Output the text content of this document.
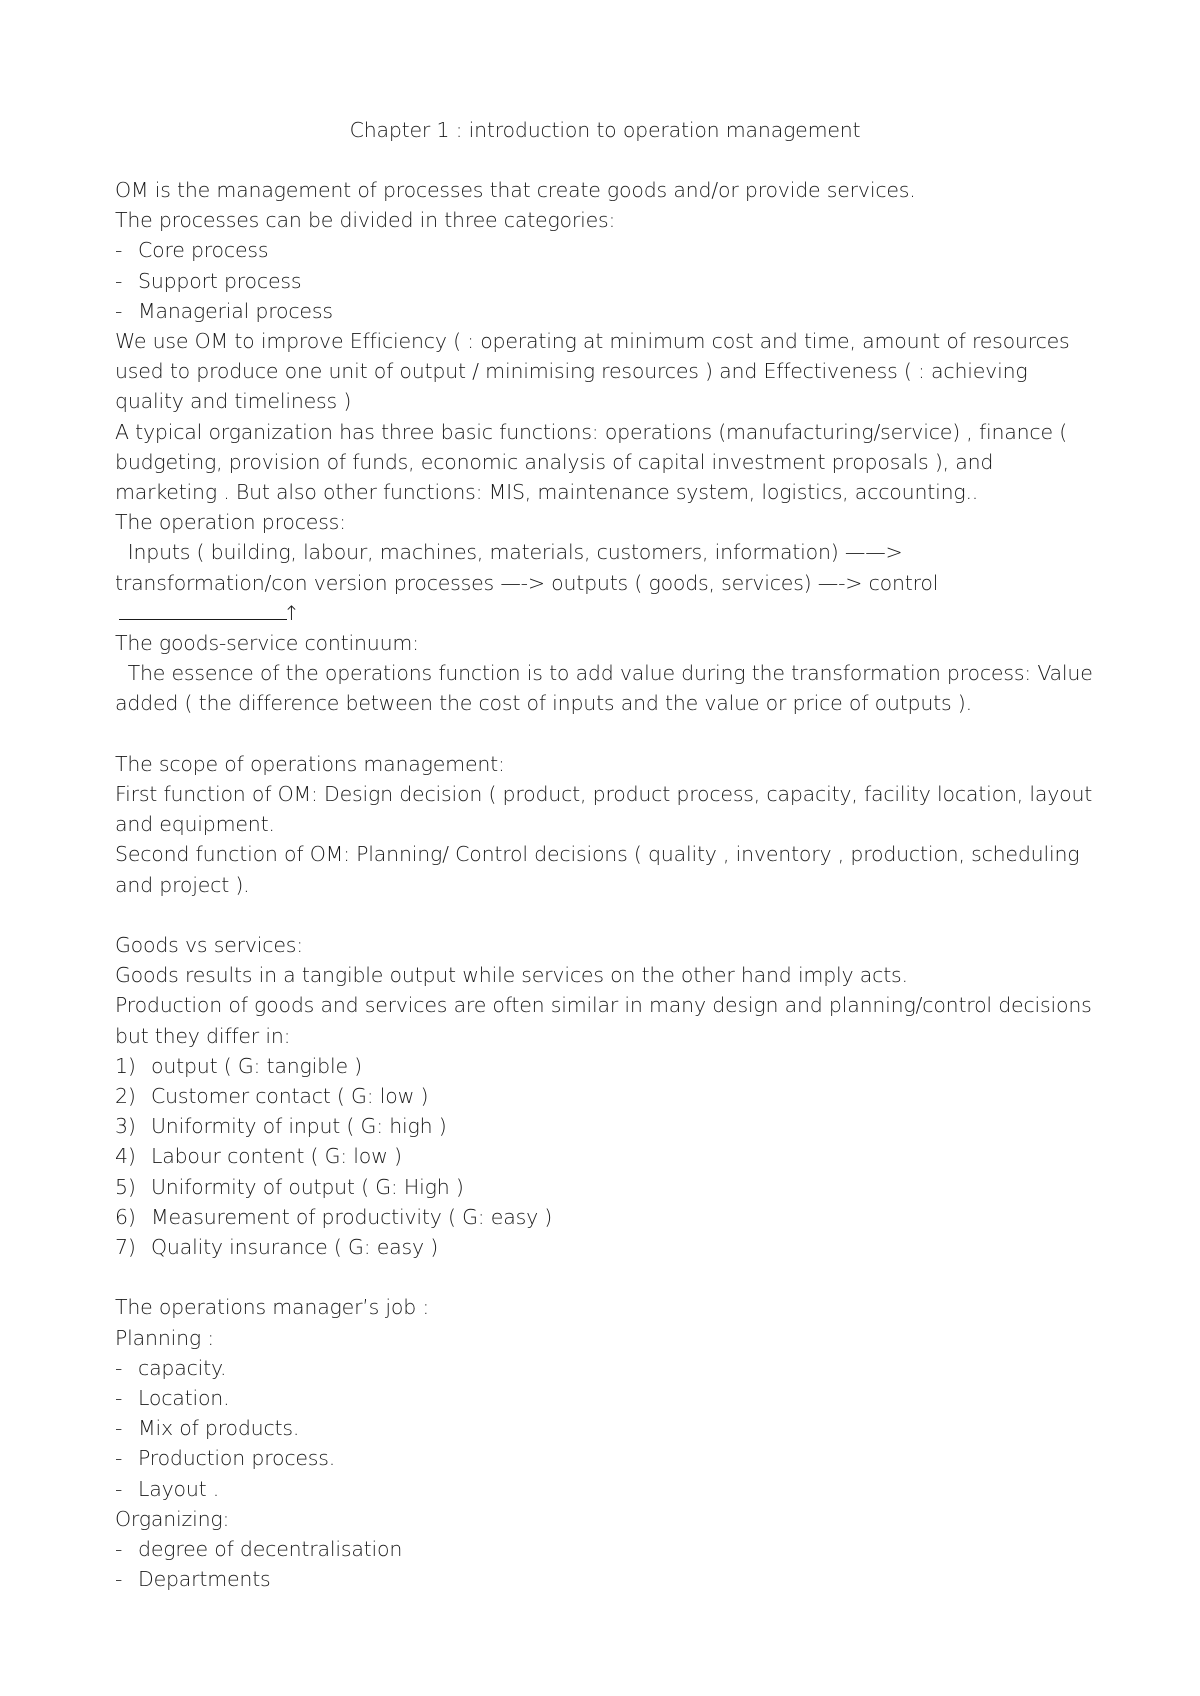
Chapter 1 : introduction to operation management

OM is the management of processes that create goods and/or provide services.

The processes can be divided in three categories:

- Core process
- Support process
- Managerial process

We use OM to improve Efficiency ( : operating at minimum cost and time, amount of resources used to produce one unit of output / minimising resources ) and Effectiveness ( : achieving quality and timeliness )

A typical organization has three basic functions: operations (manufacturing/service) , finance ( budgeting, provision of funds, economic analysis of capital investment proposals ), and marketing . But also other functions: MIS, maintenance system, logistics, accounting..

The operation process:

Inputs ( building, labour, machines, materials, customers, information) ——> transformation/con version processes —-> outputs ( goods, services) —-> control ↑

The goods-service continuum:

The essence of the operations function is to add value during the transformation process: Value added ( the difference between the cost of inputs and the value or price of outputs ).

The scope of operations management:

First function of OM: Design decision ( product, product process, capacity, facility location, layout and equipment.

Second function of OM: Planning/ Control decisions ( quality , inventory , production, scheduling and project ).

Goods vs services:

Goods results in a tangible output while services on the other hand imply acts.

Production of goods and services are often similar in many design and planning/control decisions but they differ in:

1) output ( G: tangible )
2) Customer contact ( G: low )
3) Uniformity of input ( G: high )
4) Labour content ( G: low )
5) Uniformity of output ( G: High )
6) Measurement of productivity ( G: easy )
7) Quality insurance ( G: easy )

The operations manager’s job :

Planning :

- capacity.
- Location.
- Mix of products.
- Production process.
- Layout .

Organizing:

- degree of decentralisation
- Departments
